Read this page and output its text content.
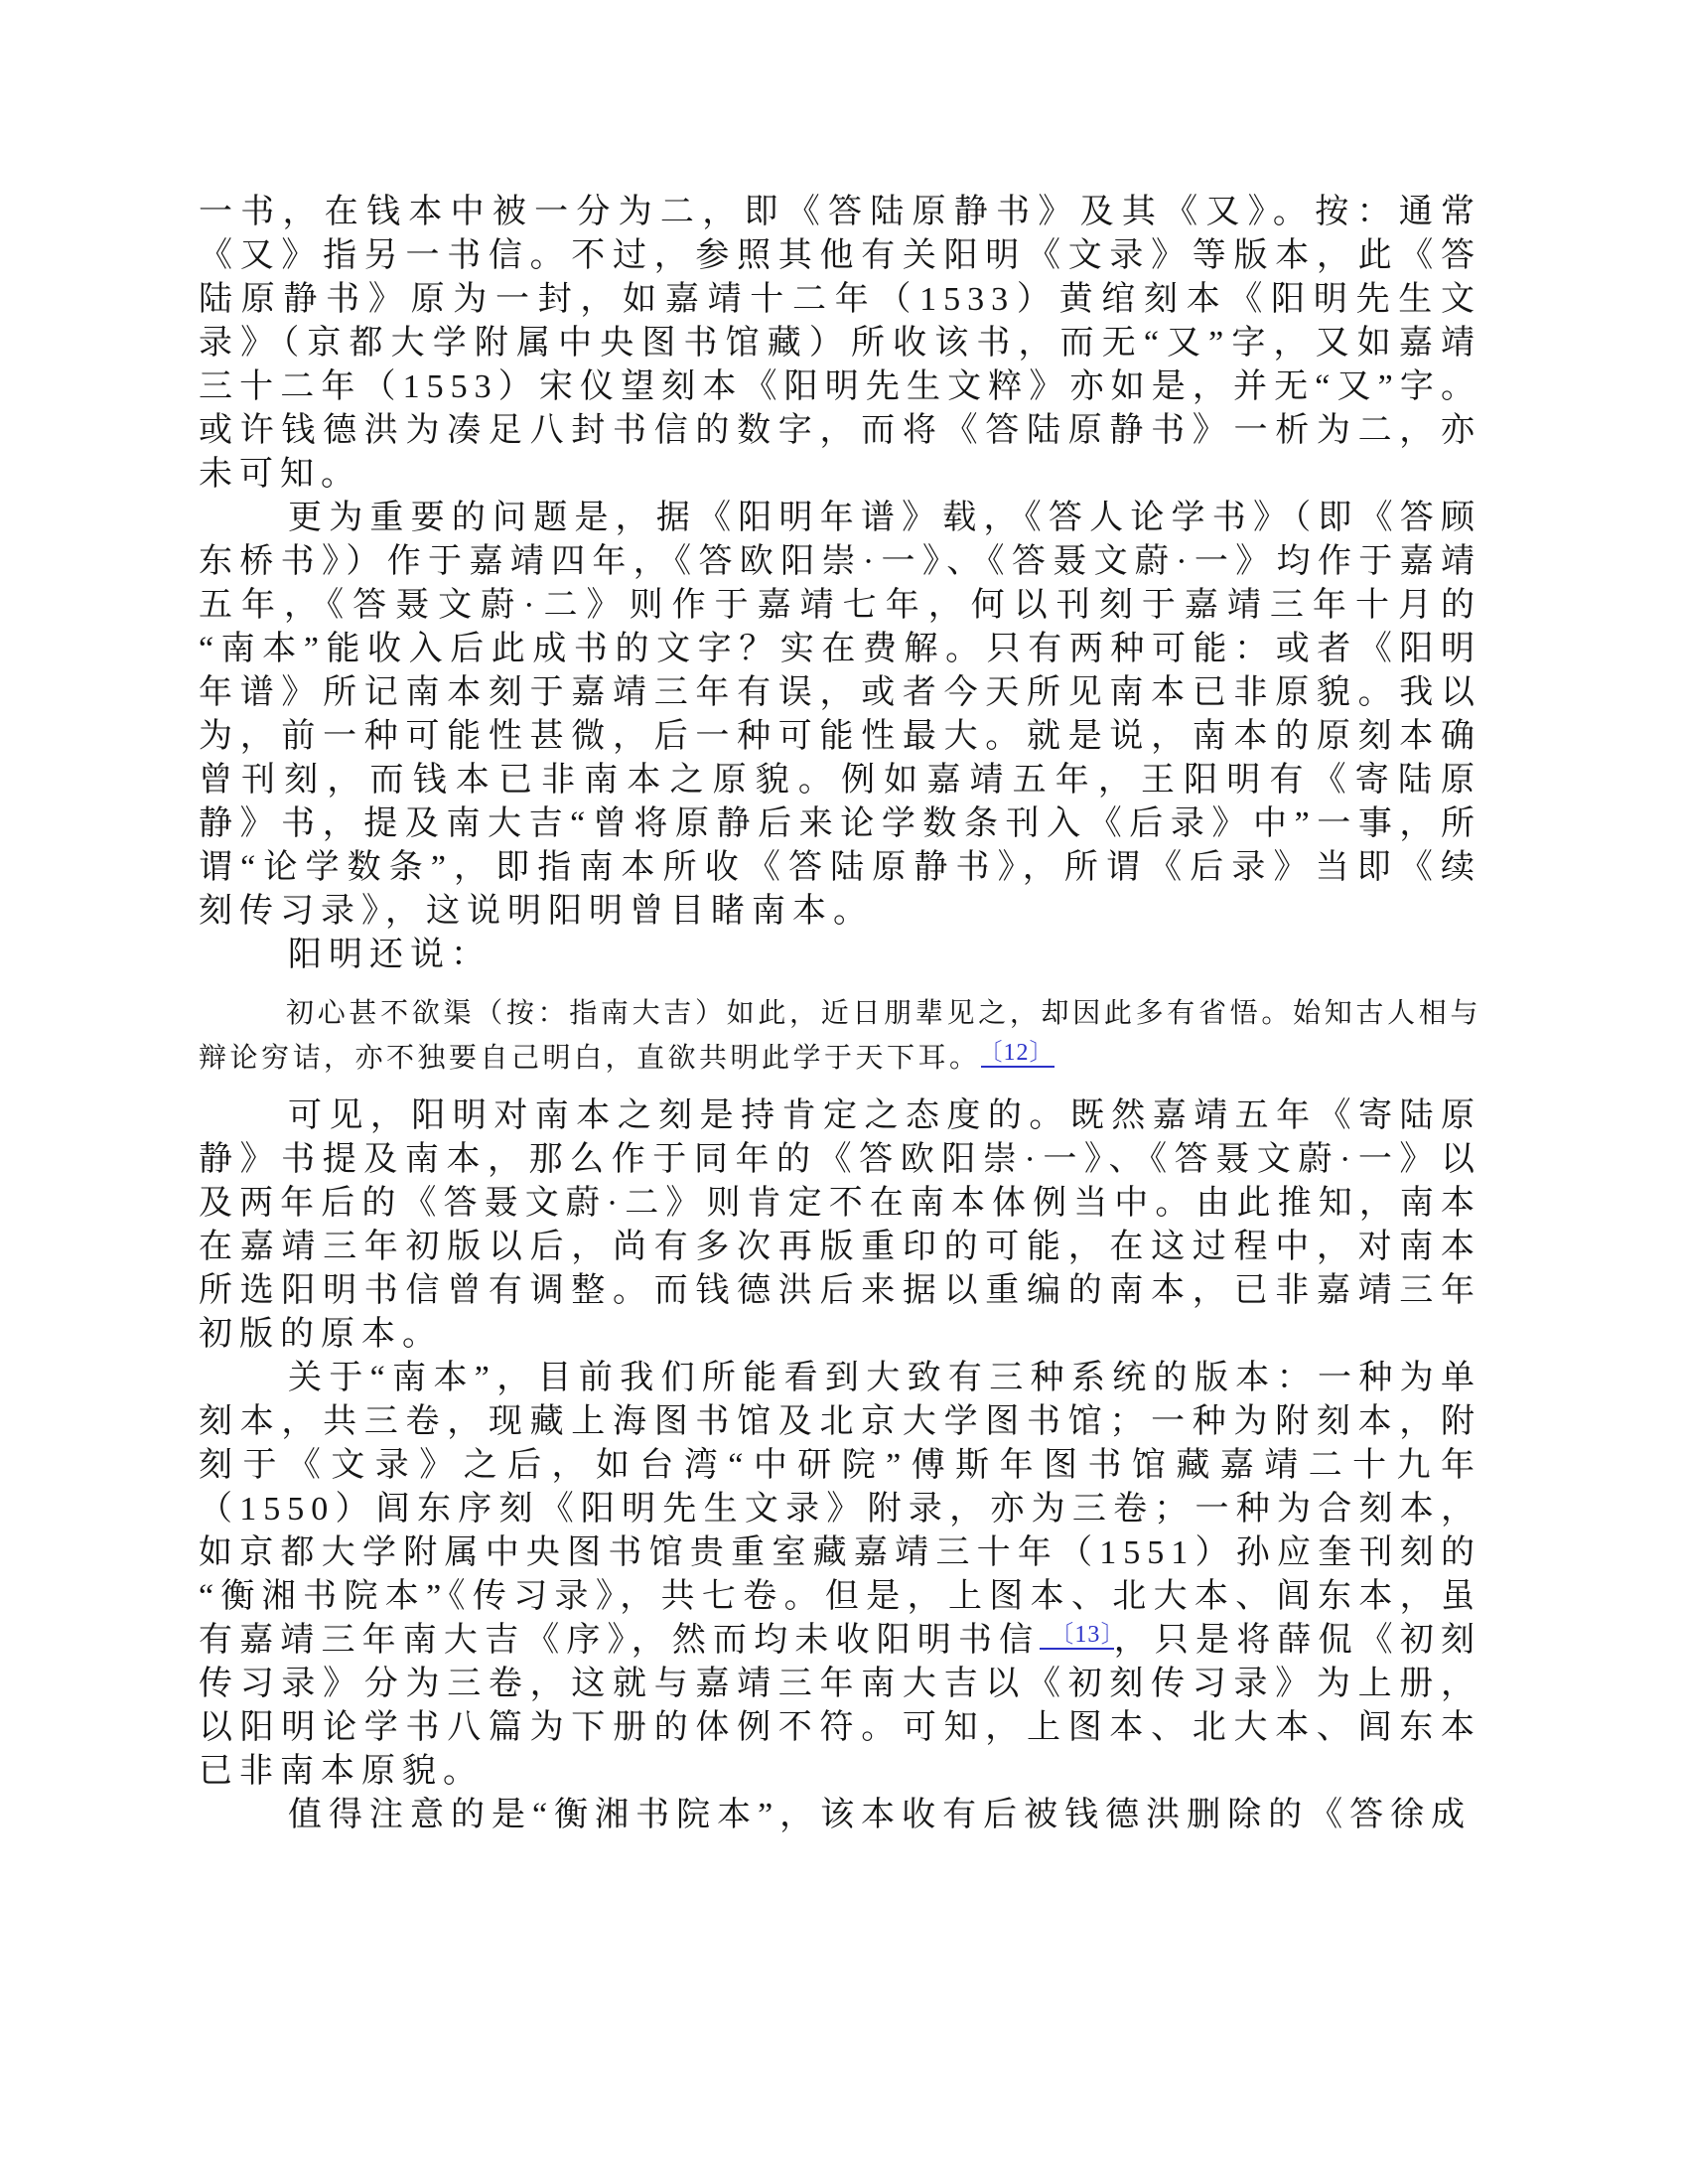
一书，在钱本中被一分为二，即《答陆原静书》及其《又》。按：通常《又》指另一书信。不过，参照其他有关阳明《文录》等版本，此《答陆原静书》原为一封，如嘉靖十二年（1533）黄绾刻本《阳明先生文录》（京都大学附属中央图书馆藏）所收该书，而无“又”字，又如嘉靖三十二年（1553）宋仪望刻本《阳明先生文粹》亦如是，并无“又”字。或许钱德洪为凑足八封书信的数字，而将《答陆原静书》一析为二，亦未可知。

更为重要的问题是，据《阳明年谱》载，《答人论学书》（即《答顾东桥书》）作于嘉靖四年，《答欧阳崇·一》、《答聂文蔚·一》均作于嘉靖五年，《答聂文蔚·二》则作于嘉靖七年，何以刊刻于嘉靖三年十月的“南本”能收入后此成书的文字？实在费解。只有两种可能：或者《阳明年谱》所记南本刻于嘉靖三年有误，或者今天所见南本已非原貌。我以为，前一种可能性甚微，后一种可能性最大。就是说，南本的原刻本确曾刊刻，而钱本已非南本之原貌。例如嘉靖五年，王阳明有《寄陆原静》书，提及南大吉“曾将原静后来论学数条刊入《后录》中”一事，所谓“论学数条”，即指南本所收《答陆原静书》，所谓《后录》当即《续刻传习录》，这说明阳明曾目睹南本。

阳明还说：

初心甚不欲渠（按：指南大吉）如此，近日朋辈见之，却因此多有省悟。始知古人相与辩论穷诘，亦不独要自己明白，直欲共明此学于天下耳。 〔12〕

可见，阳明对南本之刻是持肯定之态度的。既然嘉靖五年《寄陆原静》书提及南本，那么作于同年的《答欧阳崇·一》、《答聂文蔚·一》以及两年后的《答聂文蔚·二》则肯定不在南本体例当中。由此推知，南本在嘉靖三年初版以后，尚有多次再版重印的可能，在这过程中，对南本所选阳明书信曾有调整。而钱德洪后来据以重编的南本，已非嘉靖三年初版的原本。

关于“南本”，目前我们所能看到大致有三种系统的版本：一种为单刻本，共三卷，现藏上海图书馆及北京大学图书馆；一种为附刻本，附刻于《文录》之后，如台湾“中研院”傅斯年图书馆藏嘉靖二十九年（1550）闾东序刻《阳明先生文录》附录，亦为三卷；一种为合刻本，如京都大学附属中央图书馆贵重室藏嘉靖三十年（1551）孙应奎刊刻的“衡湘书院本”《传习录》，共七卷。但是，上图本、北大本、闾东本，虽有嘉靖三年南大吉《序》，然而均未收阳明书信 $^{〔13〕}$，只是将薛侃《初刻传习录》分为三卷，这就与嘉靖三年南大吉以《初刻传习录》为上册，以阳明论学书八篇为下册的体例不符。可知，上图本、北大本、闾东本已非南本原貌。

值得注意的是“衡湘书院本”，该本收有后被钱德洪删除的《答徐成
